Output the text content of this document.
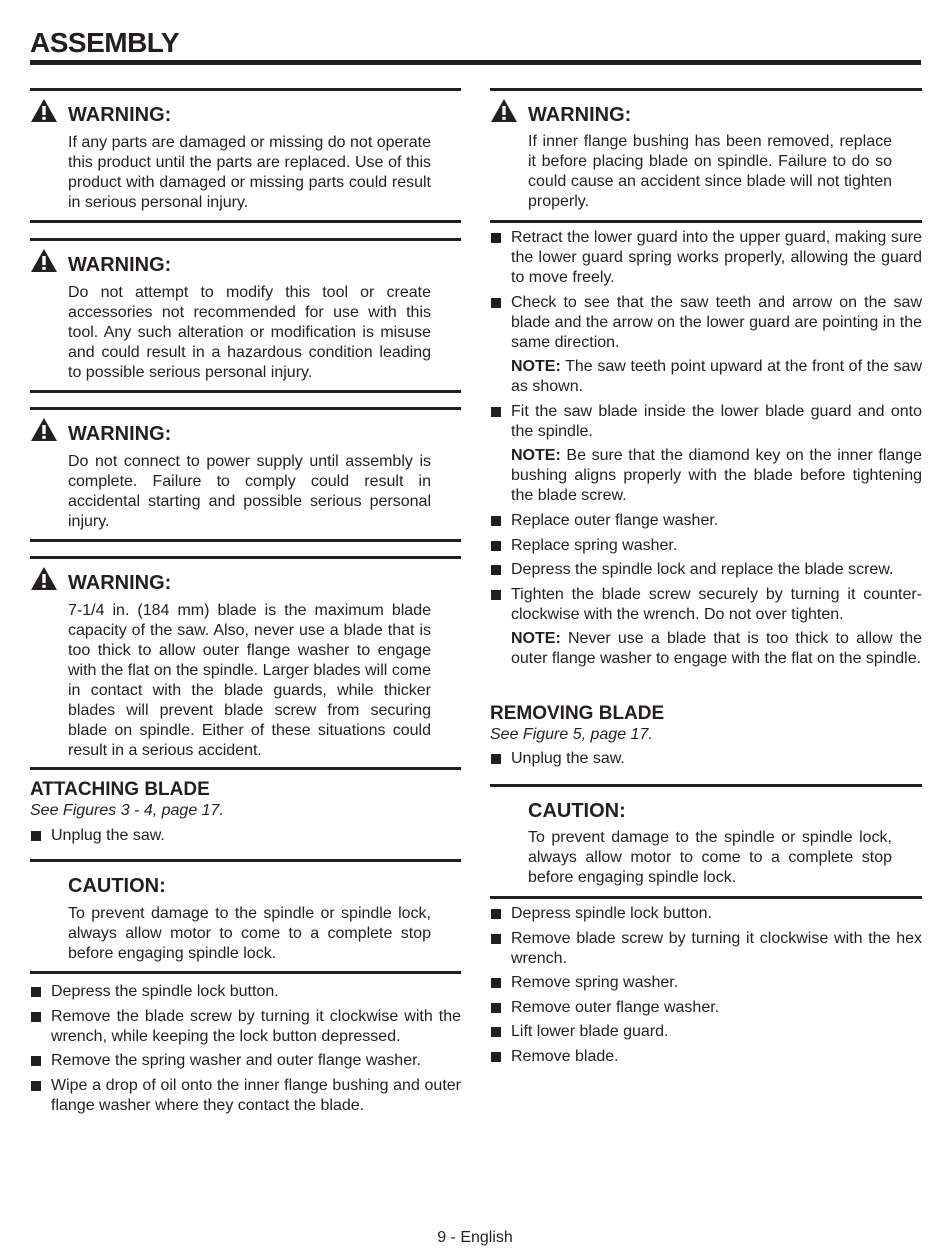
ASSEMBLY
WARNING:
If any parts are damaged or missing do not operate this product until the parts are replaced. Use of this product with damaged or missing parts could result in serious personal injury.
WARNING:
Do not attempt to modify this tool or create accessories not recommended for use with this tool. Any such alteration or modification is misuse and could result in a hazardous condition leading to possible serious personal injury.
WARNING:
Do not connect to power supply until assembly is complete. Failure to comply could result in accidental starting and possible serious personal injury.
WARNING:
7-1/4 in. (184 mm) blade is the maximum blade capacity of the saw. Also, never use a blade that is too thick to allow outer flange washer to engage with the flat on the spindle. Larger blades will come in contact with the blade guards, while thicker blades will prevent blade screw from securing blade on spindle. Either of these situations could result in a serious accident.
ATTACHING BLADE
See Figures 3 - 4, page 17.
Unplug the saw.
CAUTION:
To prevent damage to the spindle or spindle lock, always allow motor to come to a complete stop before engaging spindle lock.
Depress the spindle lock button.
Remove the blade screw by turning it clockwise with the wrench, while keeping the lock button depressed.
Remove the spring washer and outer flange washer.
Wipe a drop of oil onto the inner flange bushing and outer flange washer where they contact the blade.
WARNING:
If inner flange bushing has been removed, replace it before placing blade on spindle. Failure to do so could cause an accident since blade will not tighten properly.
Retract the lower guard into the upper guard, making sure the lower guard spring works properly, allowing the guard to move freely.
Check to see that the saw teeth and arrow on the saw blade and the arrow on the lower guard are pointing in the same direction.
NOTE: The saw teeth point upward at the front of the saw as shown.
Fit the saw blade inside the lower blade guard and onto the spindle.
NOTE: Be sure that the diamond key on the inner flange bushing aligns properly with the blade before tightening the blade screw.
Replace outer flange washer.
Replace spring washer.
Depress the spindle lock and replace the blade screw.
Tighten the blade screw securely by turning it counter-clockwise with the wrench. Do not over tighten.
NOTE: Never use a blade that is too thick to allow the outer flange washer to engage with the flat on the spindle.
REMOVING BLADE
See Figure 5, page 17.
Unplug the saw.
CAUTION:
To prevent damage to the spindle or spindle lock, always allow motor to come to a complete stop before engaging spindle lock.
Depress spindle lock button.
Remove blade screw by turning it clockwise with the hex wrench.
Remove spring washer.
Remove outer flange washer.
Lift lower blade guard.
Remove blade.
9 - English
